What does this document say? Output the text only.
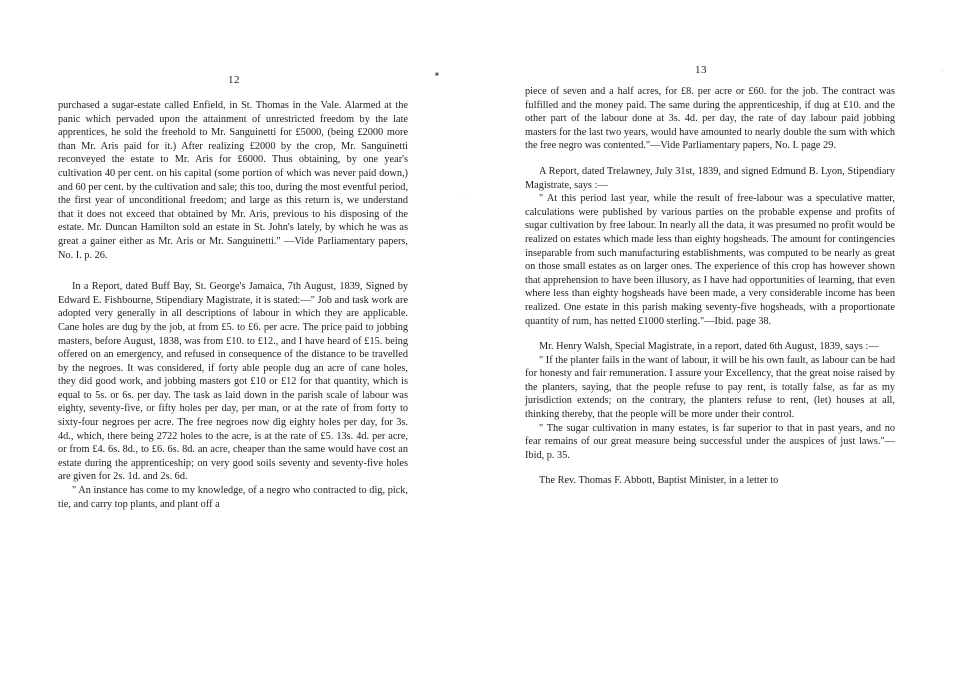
12

purchased a sugar-estate called Enfield, in St. Thomas in the Vale. Alarmed at the panic which pervaded upon the attainment of unrestricted freedom by the late apprentices, he sold the freehold to Mr. Sanguinetti for £5000, (being £2000 more than Mr. Aris paid for it.) After realizing £2000 by the crop, Mr. Sanguinetti reconveyed the estate to Mr. Aris for £6000. Thus obtaining, by one year's cultivation 40 per cent. on his capital (some portion of which was never paid down,) and 60 per cent. by the cultivation and sale; this too, during the most eventful period, the first year of unconditional freedom; and large as this return is, we understand that it does not exceed that obtained by Mr. Aris, previous to his disposing of the estate. Mr. Duncan Hamilton sold an estate in St. John's lately, by which he was as great a gainer either as Mr. Aris or Mr. Sanguinetti." —Vide Parliamentary papers, No. I. p. 26.

In a Report, dated Buff Bay, St. George's Jamaica, 7th August, 1839, Signed by Edward E. Fishbourne, Stipendiary Magistrate, it is stated:—" Job and task work are adopted very generally in all descriptions of labour in which they are applicable. Cane holes are dug by the job, at from £5. to £6. per acre. The price paid to jobbing masters, before August, 1838, was from £10. to £12., and I have heard of £15. being offered on an emergency, and refused in consequence of the distance to be travelled by the negroes. It was considered, if forty able people dug an acre of cane holes, they did good work, and jobbing masters got £10 or £12 for that quantity, which is equal to 5s. or 6s. per day. The task as laid down in the parish scale of labour was eighty, seventy-five, or fifty holes per day, per man, or at the rate of from forty to sixty-four negroes per acre. The free negroes now dig eighty holes per day, for 3s. 4d., which, there being 2722 holes to the acre, is at the rate of £5. 13s. 4d. per acre, or from £4. 6s. 8d., to £6. 6s. 8d. an acre, cheaper than the same would have cost an estate during the apprenticeship; on very good soils seventy and seventy-five holes are given for 2s. 1d. and 2s. 6d.

" An instance has come to my knowledge, of a negro who contracted to dig, pick, tie, and carry top plants, and plant off a

13

piece of seven and a half acres, for £8. per acre or £60. for the job. The contract was fulfilled and the money paid. The same during the apprenticeship, if dug at £10. and the other part of the labour done at 3s. 4d. per day, the rate of day labour paid jobbing masters for the last two years, would have amounted to nearly double the sum with which the free negro was contented."—Vide Parliamentary papers, No. I. page 29.

A Report, dated Trelawney, July 31st, 1839, and signed Edmund B. Lyon, Stipendiary Magistrate, says :—

" At this period last year, while the result of free-labour was a speculative matter, calculations were published by various parties on the probable expense and profits of sugar cultivation by free labour. In nearly all the data, it was presumed no profit would be realized on estates which made less than eighty hogsheads. The amount for contingencies inseparable from such manufacturing establishments, was computed to be nearly as great on those small estates as on larger ones. The experience of this crop has however shown that apprehension to have been illusory, as I have had opportunities of learning, that even where less than eighty hogsheads have been made, a very considerable income has been realized. One estate in this parish making seventy-five hogsheads, with a proportionate quantity of rum, has netted £1000 sterling."—Ibid. page 38.

Mr. Henry Walsh, Special Magistrate, in a report, dated 6th August, 1839, says :—

" If the planter fails in the want of labour, it will be his own fault, as labour can be had for honesty and fair remuneration. I assure your Excellency, that the great noise raised by the planters, saying, that the people refuse to pay rent, is totally false, as far as my jurisdiction extends; on the contrary, the planters refuse to rent, (let) houses at all, thinking thereby, that the people will be more under their control.

" The sugar cultivation in many estates, is far superior to that in past years, and no fear remains of our great measure being successful under the auspices of just laws."—Ibid, p. 35.

The Rev. Thomas F. Abbott, Baptist Minister, in a letter to

■
·
·
